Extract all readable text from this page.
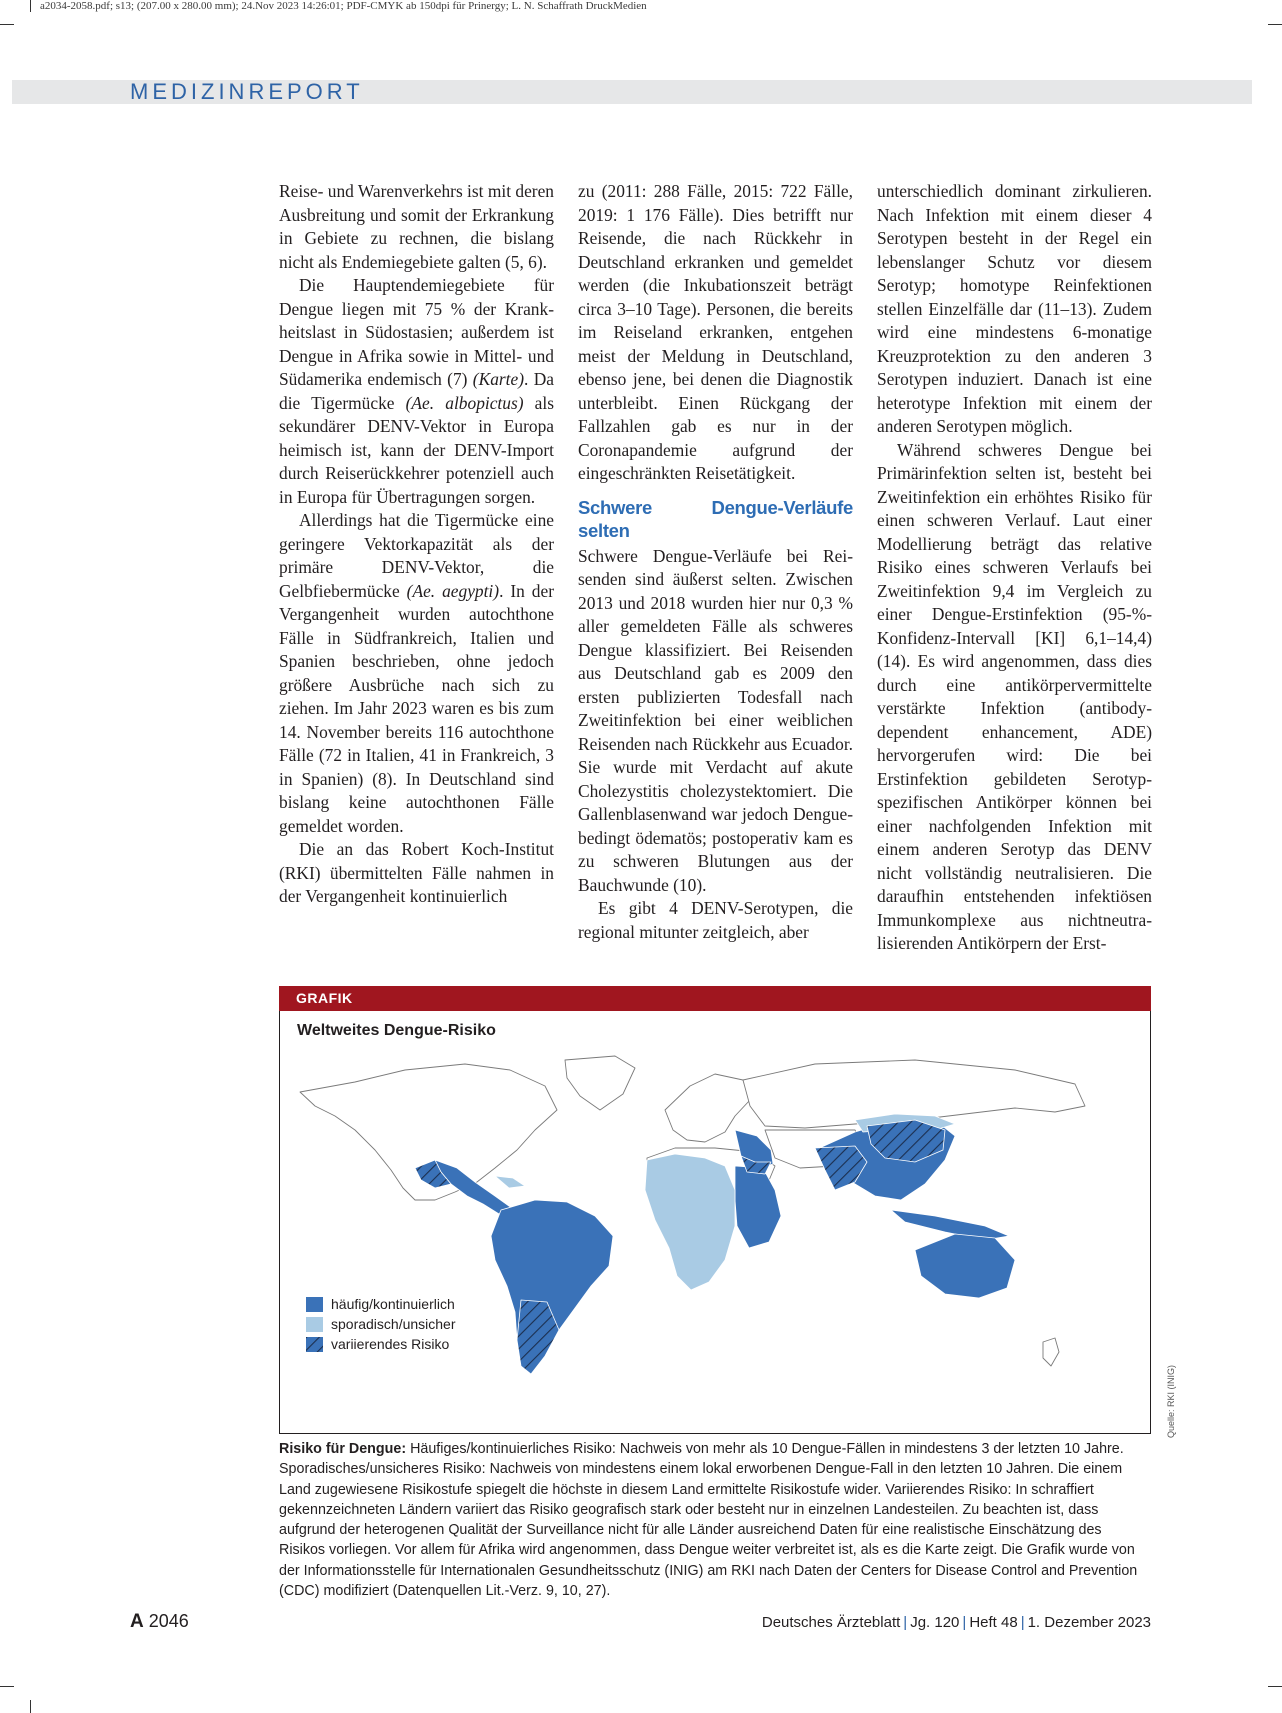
a2034-2058.pdf; s13; (207.00 x 280.00 mm); 24.Nov 2023 14:26:01; PDF-CMYK ab 150dpi für Prinergy; L. N. Schaffrath DruckMedien
MEDIZINREPORT

Reise- und Warenverkehrs ist mit deren Ausbreitung und somit der Erkrankung in Gebiete zu rechnen, die bislang nicht als Endemiegebiete galten (5, 6).

Die Hauptendemiegebiete für Dengue liegen mit 75 % der Krankheitslast in Südostasien; außerdem ist Dengue in Afrika sowie in Mittel- und Südamerika endemisch (7) (Karte). Da die Tigermücke (Ae. albopictus) als sekundärer DENV-Vektor in Europa heimisch ist, kann der DENV-Import durch Reiserückkehrer potenziell auch in Europa für Übertragungen sorgen.

Allerdings hat die Tigermücke eine geringere Vektorkapazität als der primäre DENV-Vektor, die Gelbfiebermücke (Ae. aegypti). In der Vergangenheit wurden autochthone Fälle in Südfrankreich, Italien und Spanien beschrieben, ohne jedoch größere Ausbrüche nach sich zu ziehen. Im Jahr 2023 waren es bis zum 14. November bereits 116 autochthone Fälle (72 in Italien, 41 in Frankreich, 3 in Spanien) (8). In Deutschland sind bislang keine autochthonen Fälle gemeldet worden.

Die an das Robert Koch-Institut (RKI) übermittelten Fälle nahmen in der Vergangenheit kontinuierlich

zu (2011: 288 Fälle, 2015: 722 Fälle, 2019: 1 176 Fälle). Dies betrifft nur Reisende, die nach Rückkehr in Deutschland erkranken und gemeldet werden (die Inkubationszeit beträgt circa 3–10 Tage). Personen, die bereits im Reiseland erkranken, entgehen meist der Meldung in Deutschland, ebenso jene, bei denen die Diagnostik unterbleibt. Einen Rückgang der Fallzahlen gab es nur in der Coronapandemie aufgrund der eingeschränkten Reisetätigkeit.

Schwere Dengue-Verläufe selten

Schwere Dengue-Verläufe bei Reisenden sind äußerst selten. Zwischen 2013 und 2018 wurden hier nur 0,3 % aller gemeldeten Fälle als schweres Dengue klassifiziert. Bei Reisenden aus Deutschland gab es 2009 den ersten publizierten Todesfall nach Zweitinfektion bei einer weiblichen Reisenden nach Rückkehr aus Ecuador. Sie wurde mit Verdacht auf akute Cholezystitis cholezystektomiert. Die Gallenblasenwand war jedoch Dengue-bedingt ödematös; postoperativ kam es zu schweren Blutungen aus der Bauchwunde (10).

Es gibt 4 DENV-Serotypen, die regional mitunter zeitgleich, aber

unterschiedlich dominant zirkulieren. Nach Infektion mit einem dieser 4 Serotypen besteht in der Regel ein lebenslanger Schutz vor diesem Serotyp; homotype Reinfektionen stellen Einzelfälle dar (11–13). Zudem wird eine mindestens 6-monatige Kreuzprotektion zu den anderen 3 Serotypen induziert. Danach ist eine heterotype Infektion mit einem der anderen Serotypen möglich.

Während schweres Dengue bei Primärinfektion selten ist, besteht bei Zweitinfektion ein erhöhtes Risiko für einen schweren Verlauf. Laut einer Modellierung beträgt das relative Risiko eines schweren Verlaufs bei Zweitinfektion 9,4 im Vergleich zu einer Dengue-Erstinfektion (95-%-Konfidenz-Intervall [KI] 6,1–14,4) (14). Es wird angenommen, dass dies durch eine antikörpervermittelte verstärkte Infektion (antibody-dependent enhancement, ADE) hervorgerufen wird: Die bei Erstinfektion gebildeten Serotyp-spezifischen Antikörper können bei einer nachfolgenden Infektion mit einem anderen Serotyp das DENV nicht vollständig neutralisieren. Die daraufhin entstehenden infektiösen Immunkomplexe aus nichtneutralisierenden Antikörpern der Erst-

GRAFIK
Weltweites Dengue-Risiko
häufig/kontinuierlich
sporadisch/unsicher
variierendes Risiko
Quelle: RKI (INIG)
Risiko für Dengue: Häufiges/kontinuierliches Risiko: Nachweis von mehr als 10 Dengue-Fällen in mindestens 3 der letzten 10 Jahre. Sporadisches/unsicheres Risiko: Nachweis von mindestens einem lokal erworbenen Dengue-Fall in den letzten 10 Jahren. Die einem Land zugewiesene Risikostufe spiegelt die höchste in diesem Land ermittelte Risikostufe wider. Variierendes Risiko: In schraffiert gekennzeichneten Ländern variiert das Risiko geografisch stark oder besteht nur in einzelnen Landesteilen. Zu beachten ist, dass aufgrund der heterogenen Qualität der Surveillance nicht für alle Länder ausreichend Daten für eine realistische Einschätzung des Risikos vorliegen. Vor allem für Afrika wird angenommen, dass Dengue weiter verbreitet ist, als es die Karte zeigt. Die Grafik wurde von der Informationsstelle für Internationalen Gesundheitsschutz (INIG) am RKI nach Daten der Centers for Disease Control and Prevention (CDC) modifiziert (Datenquellen Lit.-Verz. 9, 10, 27).
A 2046	Deutsches Ärzteblatt | Jg. 120 | Heft 48 | 1. Dezember 2023
